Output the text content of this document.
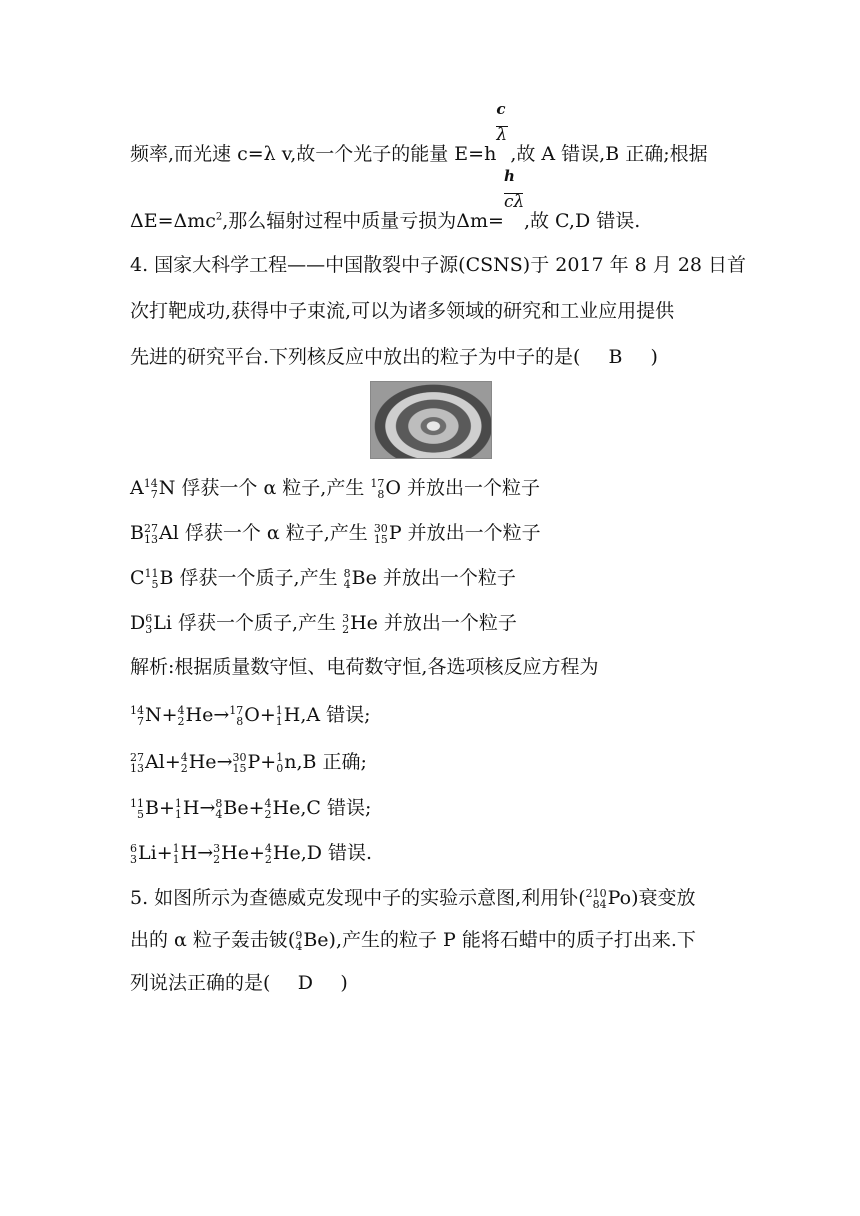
频率,而光速 c=λ v,故一个光子的能量 $E=h \frac{c}{\lambda}$ ,故 A 错误,B 正确;根据
ΔE=Δmc$^2$,那么辐射过程中质量亏损为$\Delta m= \frac{h}{c\lambda}$ ,故 C,D 错误.
4. 国家大科学工程——中国散裂中子源(CSNS)于 2017 年 8 月 28 日首
次打靶成功,获得中子束流,可以为诸多领域的研究和工业应用提供
先进的研究平台.下列核反应中放出的粒子为中子的是( B )
A 14
7 N 俘获一个 α 粒子,产生 17
8 O 并放出一个粒子
B 27
13 Al 俘获一个 α 粒子,产生 30
15 P 并放出一个粒子
C 11
5 B 俘获一个质子,产生 8
4 Be 并放出一个粒子
D 6
3 Li 俘获一个质子,产生 3
2 He 并放出一个粒子
解析:根据质量数守恒、电荷数守恒,各选项核反应方程为
14
7 N+ 4
2 He→ 17
8 O+ 1
1 H,A 错误;
27
13 Al+ 4
2 He→ 30
15 P+ 1
0 n,B 正确;
11
5 B+ 1
1 H→ 8
4 Be+ 4
2 He,C 错误;
6
3 Li+ 1
1 H→ 3
2 He+ 4
2 He,D 错误.
5. 如图所示为查德威克发现中子的实验示意图,利用钋( 210
84 Po)衰变放
出的 α 粒子轰击铍( 9
4 Be),产生的粒子 P 能将石蜡中的质子打出来.下
列说法正确的是( D )
